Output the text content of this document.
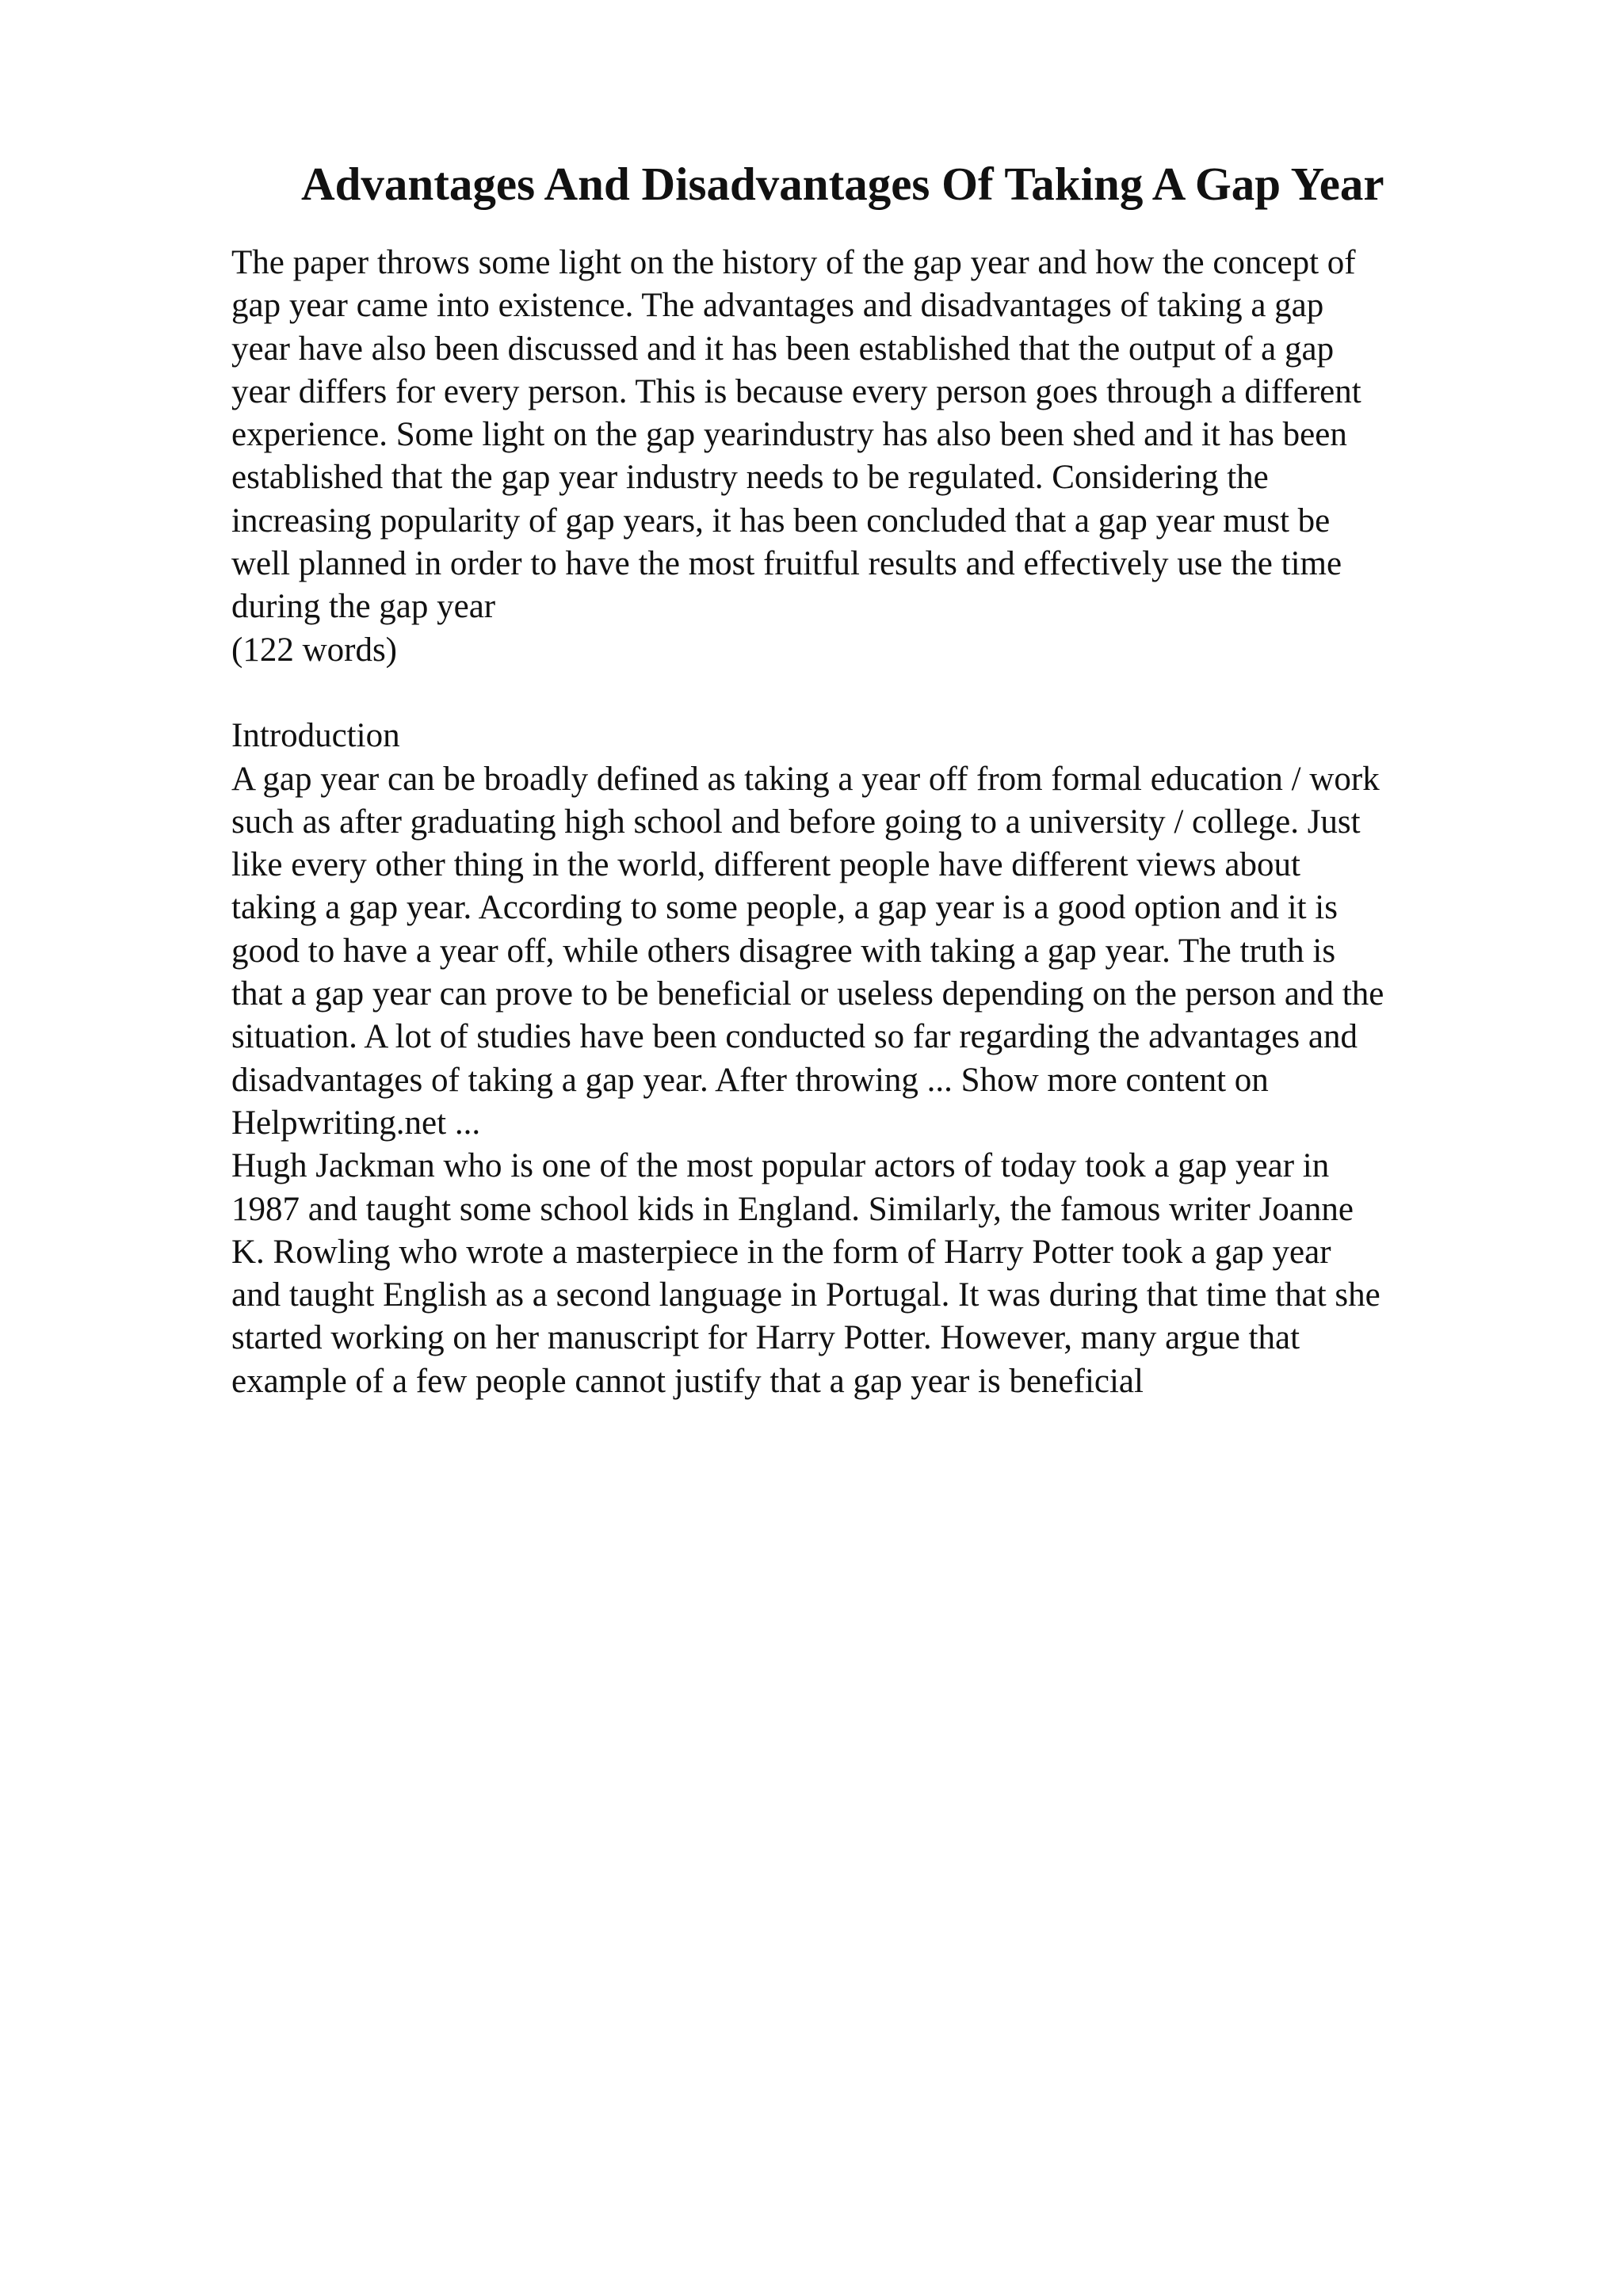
Advantages And Disadvantages Of Taking A Gap Year
The paper throws some light on the history of the gap year and how the concept of
gap year came into existence. The advantages and disadvantages of taking a gap
year have also been discussed and it has been established that the output of a gap
year differs for every person. This is because every person goes through a different
experience. Some light on the gap yearindustry has also been shed and it has been
established that the gap year industry needs to be regulated. Considering the
increasing popularity of gap years, it has been concluded that a gap year must be
well planned in order to have the most fruitful results and effectively use the time
during the gap year
(122 words)
Introduction
A gap year can be broadly defined as taking a year off from formal education / work
such as after graduating high school and before going to a university / college. Just
like every other thing in the world, different people have different views about
taking a gap year. According to some people, a gap year is a good option and it is
good to have a year off, while others disagree with taking a gap year. The truth is
that a gap year can prove to be beneficial or useless depending on the person and the
situation. A lot of studies have been conducted so far regarding the advantages and
disadvantages of taking a gap year. After throwing ... Show more content on
Helpwriting.net ...
Hugh Jackman who is one of the most popular actors of today took a gap year in
1987 and taught some school kids in England. Similarly, the famous writer Joanne
K. Rowling who wrote a masterpiece in the form of Harry Potter took a gap year
and taught English as a second language in Portugal. It was during that time that she
started working on her manuscript for Harry Potter. However, many argue that
example of a few people cannot justify that a gap year is beneficial
